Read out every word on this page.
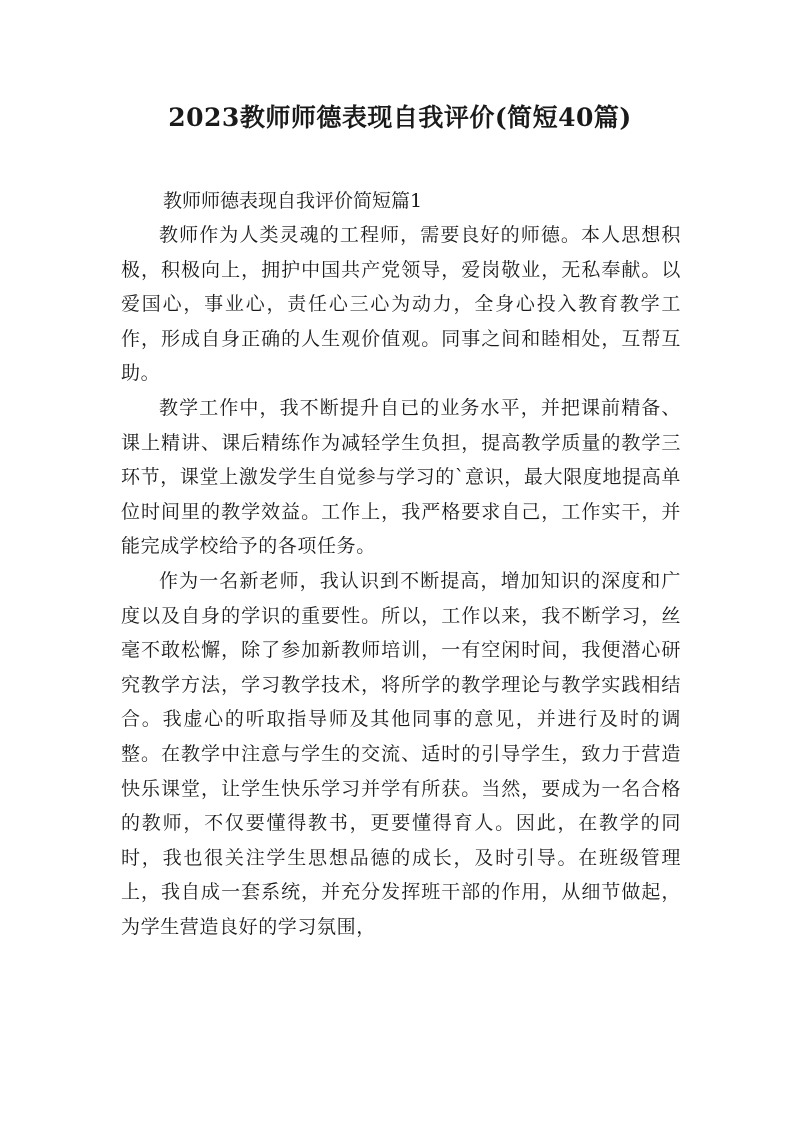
2023教师师德表现自我评价(简短40篇)

教师师德表现自我评价简短篇1

教师作为人类灵魂的工程师，需要良好的师德。本人思想积极，积极向上，拥护中国共产党领导，爱岗敬业，无私奉献。以爱国心，事业心，责任心三心为动力，全身心投入教育教学工作，形成自身正确的人生观价值观。同事之间和睦相处，互帮互助。

教学工作中，我不断提升自已的业务水平，并把课前精备、课上精讲、课后精练作为减轻学生负担，提高教学质量的教学三环节，课堂上激发学生自觉参与学习的`意识，最大限度地提高单位时间里的教学效益。工作上，我严格要求自己，工作实干，并能完成学校给予的各项任务。

作为一名新老师，我认识到不断提高，增加知识的深度和广度以及自身的学识的重要性。所以，工作以来，我不断学习，丝毫不敢松懈，除了参加新教师培训，一有空闲时间，我便潜心研究教学方法，学习教学技术，将所学的教学理论与教学实践相结合。我虚心的听取指导师及其他同事的意见，并进行及时的调整。在教学中注意与学生的交流、适时的引导学生，致力于营造快乐课堂，让学生快乐学习并学有所获。当然，要成为一名合格的教师，不仅要懂得教书，更要懂得育人。因此，在教学的同时，我也很关注学生思想品德的成长，及时引导。在班级管理上，我自成一套系统，并充分发挥班干部的作用，从细节做起，为学生营造良好的学习氛围，
